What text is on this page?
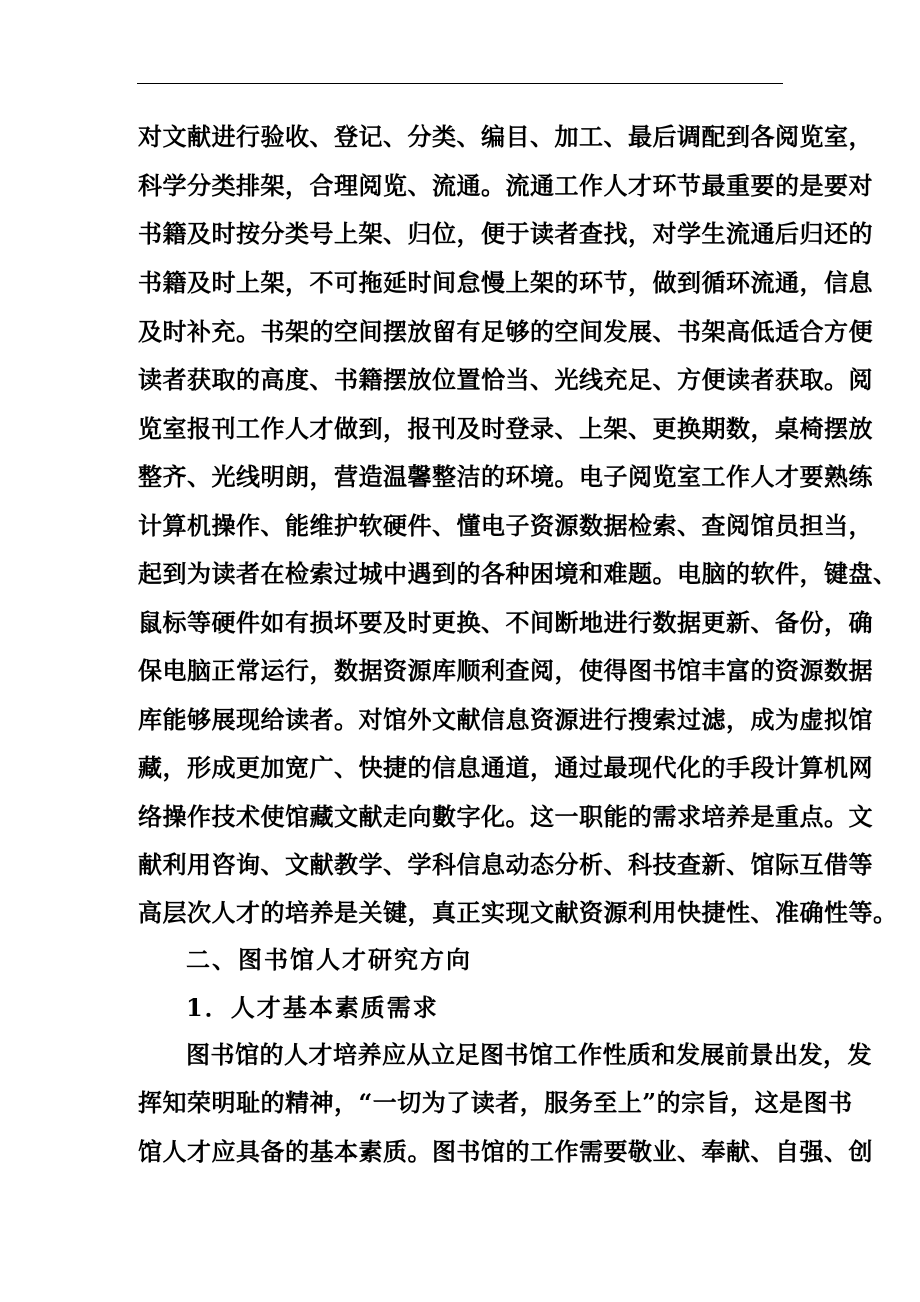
对文献进行验收、登记、分类、编目、加工、最后调配到各阅览室，
科学分类排架，合理阅览、流通。流通工作人才环节最重要的是要对
书籍及时按分类号上架、归位，便于读者查找，对学生流通后归还的
书籍及时上架，不可拖延时间怠慢上架的环节，做到循环流通，信息
及时补充。书架的空间摆放留有足够的空间发展、书架高低适合方便
读者获取的高度、书籍摆放位置恰当、光线充足、方便读者获取。阅
览室报刊工作人才做到，报刊及时登录、上架、更换期数，桌椅摆放
整齐、光线明朗，营造温馨整洁的环境。电子阅览室工作人才要熟练
计算机操作、能维护软硬件、懂电子资源数据检索、查阅馆员担当，
起到为读者在检索过城中遇到的各种困境和难题。电脑的软件，键盘、
鼠标等硬件如有损坏要及时更换、不间断地进行数据更新、备份，确
保电脑正常运行，数据资源库顺利查阅，使得图书馆丰富的资源数据
库能够展现给读者。对馆外文献信息资源进行搜索过滤，成为虚拟馆
藏，形成更加宽广、快捷的信息通道，通过最现代化的手段计算机网
络操作技术使馆藏文献走向數字化。这一职能的需求培养是重点。文
献利用咨询、文献教学、学科信息动态分析、科技查新、馆际互借等
高层次人才的培养是关键，真正实现文献资源利用快捷性、准确性等。
二、图书馆人才研究方向
1．人才基本素质需求
图书馆的人才培养应从立足图书馆工作性质和发展前景出发，发
挥知荣明耻的精神，“一切为了读者，服务至上”的宗旨，这是图书
馆人才应具备的基本素质。图书馆的工作需要敬业、奉献、自强、创
